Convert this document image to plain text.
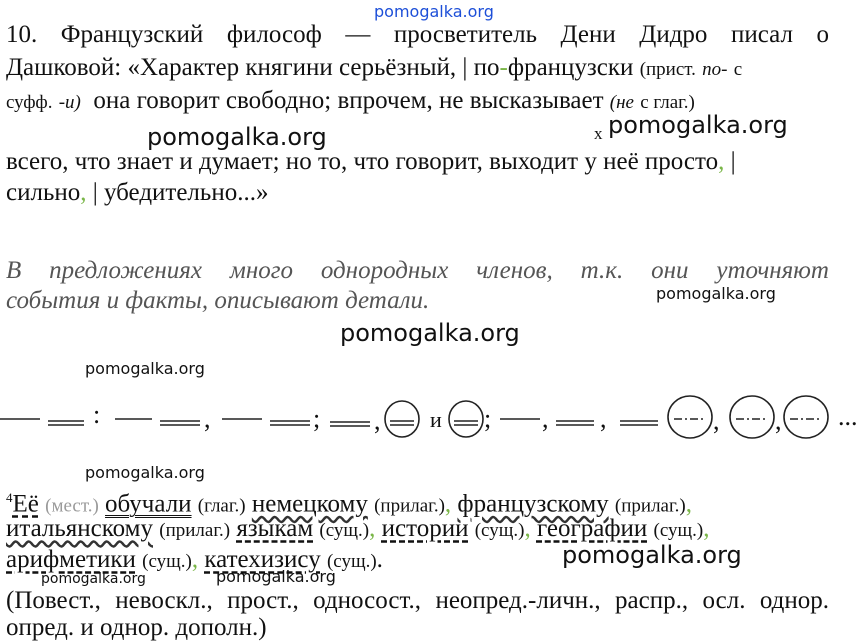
pomogalka.org
10. Французский философ — просветитель Дени Дидро писал о
Дашковой: «Характер княгини серьёзный, | по-французски (прист. по- с
суфф. -и) она говорит свободно; впрочем, не высказывает (не с глаг.)
pomogalka.org	x pomogalka.org
всего, что знает и думает; но то, что говорит, выходит у неё просто, |
сильно, | убедительно...»
В предложениях много однородных членов, т.к. они уточняют
события и факты, описывают детали.	pomogalka.org
pomogalka.org
pomogalka.org
:	,	; , и ; , ,	, , ...
pomogalka.org
$^4$Её (мест.) обучали (глаг.) немецкому (прилаг.), французскому (прилаг.),
итальянскому (прилаг.) языкам (сущ.), истории (сущ.), географии (сущ.),
арифметики (сущ.), катехизису (сущ.).	pomogalka.org
pomogalka.org	pomogalka.org
(Повест., невоскл., прост., односост., неопред.-личн., распр., осл. однор.
опред. и однор. дополн.)
